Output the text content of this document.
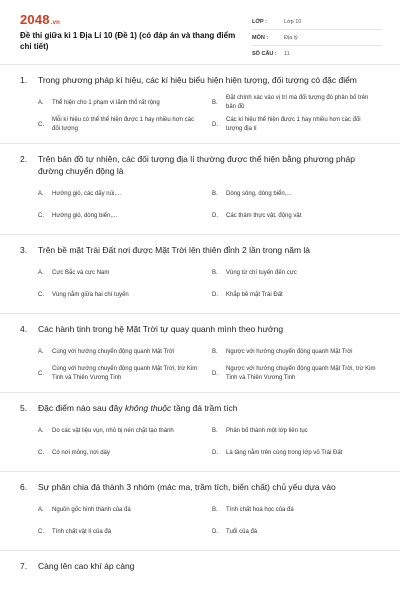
2048.vn
Đề thi giữa kì 1 Địa Lí 10 (Đề 1) (có đáp án và thang điểm chi tiết)
LỚP :	Lớp 10
MÔN :	Địa lý
SỐ CÂU :	11
1.	Trong phương pháp kí hiệu, các kí hiệu biểu hiện hiện tượng, đối tượng có đặc điểm
A.	Thể hiện cho 1 phạm vi lãnh thổ rất rộng	B.
Đặt chính xác vào vị trí mà đối tượng đó phân bố trên bản đồ
C.
Mỗi kí hiệu có thể thể hiện được 1 hay nhiều hơn các đối tượng
D.
Các kí hiệu thể hiện được 1 hay nhiều hơn các đối tượng địa lí
2.	Trên bản đồ tự nhiên, các đối tượng địa lí thường được thể hiện bằng phương pháp đường chuyển động là
A.	Hướng gió, các dãy núi,...	B.	Dòng sông, dòng biển,...
C.	Hướng gió, dòng biển,...	D.	Các thảm thực vật, động vật
3.	Trên bề mặt Trái Đất nơi được Mặt Trời lên thiên đỉnh 2 lần trong năm là
A.	Cực Bắc và cực Nam	B.	Vùng từ chí tuyến đến cực
C.	Vùng nằm giữa hai chí tuyến	D.	Khắp bề mặt Trái Đất
4.	Các hành tinh trong hệ Mặt Trời tự quay quanh mình theo hướng
A.	Cùng với hướng chuyển động quanh Mặt Trời	B.	Ngược với hướng chuyển động quanh Mặt Trời
C.
Cùng với hướng chuyển động quanh Mặt Trời, trừ Kim Tinh và Thiên Vương Tinh
D.
Ngược với hướng chuyển động quanh Mặt Trời, trừ Kim Tinh và Thiên Vương Tinh
5.	Đặc điểm nào sau đây không thuộc tầng đá trầm tích
A.	Do các vật liệu vụn, nhỏ bị nén chặt tạo thành	B.	Phân bố thành một lớp liên tục
C.	Có nơi mỏng, nơi dày	D.	Là tầng nằm trên cùng trong lớp vỏ Trái Đất
6.	Sự phân chia đá thành 3 nhóm (mác ma, trầm tích, biến chất) chủ yếu dựa vào
A.	Nguồn gốc hình thành của đá	B.	Tính chất hoá học của đá
C.	Tính chất vật lí của đá	D.	Tuổi của đá
7.	Càng lên cao khí áp càng
